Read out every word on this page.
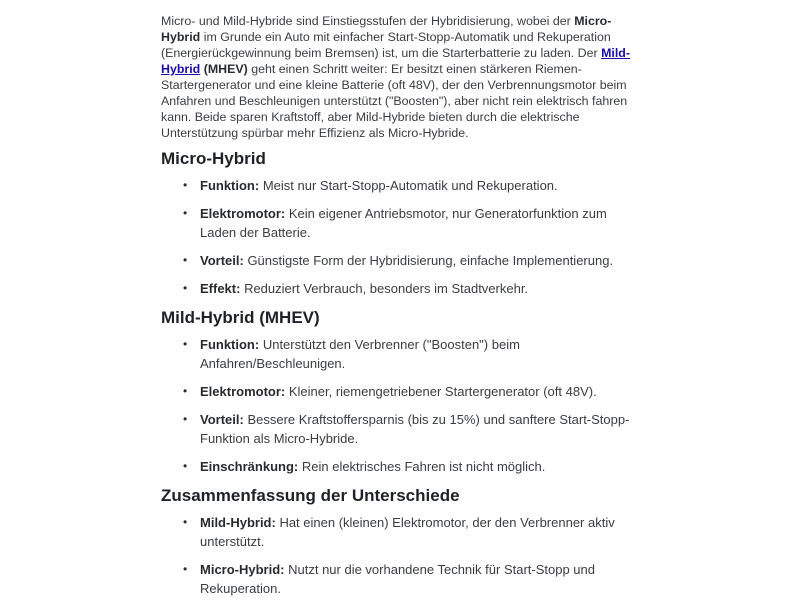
Micro- und Mild-Hybride sind Einstiegsstufen der Hybridisierung, wobei der Micro-Hybrid im Grunde ein Auto mit einfacher Start-Stopp-Automatik und Rekuperation (Energierückgewinnung beim Bremsen) ist, um die Starterbatterie zu laden. Der Mild-Hybrid (MHEV) geht einen Schritt weiter: Er besitzt einen stärkeren Riemen-Startergenerator und eine kleine Batterie (oft 48V), der den Verbrennungsmotor beim Anfahren und Beschleunigen unterstützt ("Boosten"), aber nicht rein elektrisch fahren kann. Beide sparen Kraftstoff, aber Mild-Hybride bieten durch die elektrische Unterstützung spürbar mehr Effizienz als Micro-Hybride.

Micro-Hybrid
• Funktion: Meist nur Start-Stopp-Automatik und Rekuperation.
• Elektromotor: Kein eigener Antriebsmotor, nur Generatorfunktion zum Laden der Batterie.
• Vorteil: Günstigste Form der Hybridisierung, einfache Implementierung.
• Effekt: Reduziert Verbrauch, besonders im Stadtverkehr.
Mild-Hybrid (MHEV)
• Funktion: Unterstützt den Verbrenner ("Boosten") beim Anfahren/Beschleunigen.
• Elektromotor: Kleiner, riemengetriebener Startergenerator (oft 48V).
• Vorteil: Bessere Kraftstoffersparnis (bis zu 15%) und sanftere Start-Stopp-Funktion als Micro-Hybride.
• Einschränkung: Rein elektrisches Fahren ist nicht möglich.
Zusammenfassung der Unterschiede
• Mild-Hybrid: Hat einen (kleinen) Elektromotor, der den Verbrenner aktiv unterstützt.
• Micro-Hybrid: Nutzt nur die vorhandene Technik für Start-Stopp und Rekuperation.
